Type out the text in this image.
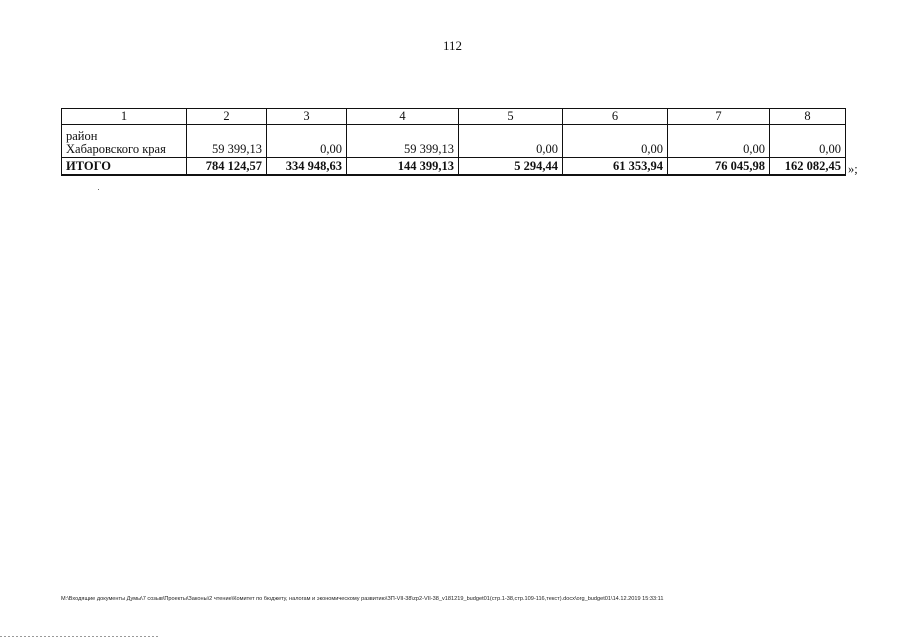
112
1	2	3	4	5	6	7	8

район
Хабаровского края	59 399,13	0,00	59 399,13	0,00	0,00	0,00	0,00
ИТОГО	784 124,57	334 948,63	144 399,13	5 294,44	61 353,94	76 045,98	162 082,45 »;
M:\Входящие документы Думы\7 созыв\Проекты\Законы\2 чтение\Комитет по бюджету, налогам и экономическому развитию\ЗП-VII-38\zp2-VII-38_v181219_budget01(стр.1-38,стр.109-116,текст).docx\org_budget01\14.12.2019 15:33:11
